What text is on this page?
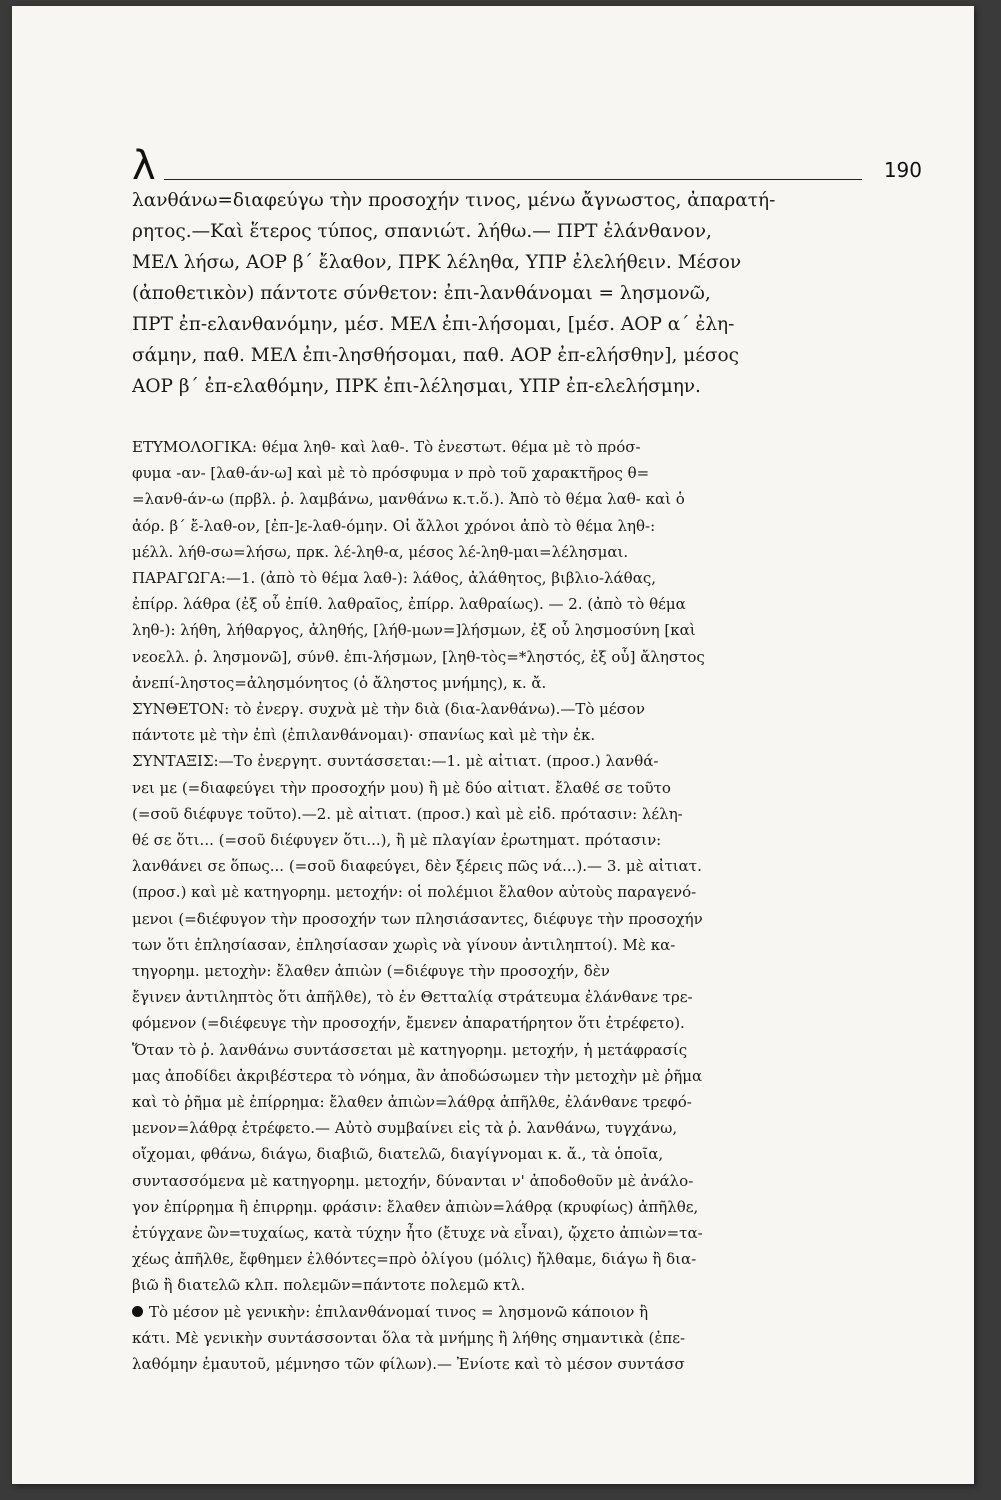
λ	190
λανθάνω=διαφεύγω τὴν προσοχήν τινος, μένω ἄγνωστος, ἀπαρατή-
ρητος.—Καὶ ἕτερος τύπος, σπανιώτ. λήθω.— ΠΡΤ ἐλάνθανον,
ΜΕΛ λήσω, ΑΟΡ β΄ ἔλαθον, ΠΡΚ λέληθα, ΥΠΡ ἐλελήθειν. Μέσον
(ἀποθετικὸν) πάντοτε σύνθετον: ἐπι-λανθάνομαι = λησμονῶ,
ΠΡΤ ἐπ-ελανθανόμην, μέσ. ΜΕΛ ἐπι-λήσομαι, [μέσ. ΑΟΡ α΄ ἐλη-
σάμην, παθ. ΜΕΛ ἐπι-λησθήσομαι, παθ. ΑΟΡ ἐπ-ελήσθην], μέσος
ΑΟΡ β΄ ἐπ-ελαθόμην, ΠΡΚ ἐπι-λέλησμαι, ΥΠΡ ἐπ-ελελήσμην.
ΕΤΥΜΟΛΟΓΙΚΑ: θέμα ληθ- καὶ λαθ-. Τὸ ἐνεστωτ. θέμα μὲ τὸ πρόσ-
φυμα -αν- [λαθ-άν-ω] καὶ μὲ τὸ πρόσφυμα ν πρὸ τοῦ χαρακτῆρος θ=
=λανθ-άν-ω (πρβλ. ῥ. λαμβάνω, μανθάνω κ.τ.ὅ.). Ἀπὸ τὸ θέμα λαθ- καὶ ὁ
ἀόρ. β΄ ἔ-λαθ-ον, [ἐπ-]ε-λαθ-όμην. Οἱ ἄλλοι χρόνοι ἀπὸ τὸ θέμα ληθ-:
μέλλ. λήθ-σω=λήσω, πρκ. λέ-ληθ-α, μέσος λέ-ληθ-μαι=λέλησμαι.
ΠΑΡΑΓΩΓΑ:—1. (ἀπὸ τὸ θέμα λαθ-): λάθος, ἀλάθητος, βιβλιο-λάθας,
ἐπίρρ. λάθρα (ἐξ οὗ ἐπίθ. λαθραῖος, ἐπίρρ. λαθραίως). — 2. (ἀπὸ τὸ θέμα
ληθ-): λήθη, λήθαργος, ἀληθής, [λήθ-μων=]λήσμων, ἐξ οὗ λησμοσύνη [καὶ
νεοελλ. ῥ. λησμονῶ], σύνθ. ἐπι-λήσμων, [ληθ-τὸς=*ληστός, ἐξ οὗ] ἄληστος
ἀνεπί-ληστος=ἀλησμόνητος (ὁ ἄληστος μνήμης), κ. ἄ.
ΣΥΝΘΕΤΟΝ: τὸ ἐνεργ. συχνὰ μὲ τὴν διὰ (δια-λανθάνω).—Τὸ μέσον
πάντοτε μὲ τὴν ἐπὶ (ἐπιλανθάνομαι)· σπανίως καὶ μὲ τὴν ἐκ.
ΣΥΝΤΑΞΙΣ:—Το ἐνεργητ. συντάσσεται:—1. μὲ αἰτιατ. (προσ.) λανθά-
νει με (=διαφεύγει τὴν προσοχήν μου) ἢ μὲ δύο αἰτιατ. ἔλαθέ σε τοῦτο
(=σοῦ διέφυγε τοῦτο).—2. μὲ αἰτιατ. (προσ.) καὶ μὲ εἰδ. πρότασιν: λέλη-
θέ σε ὅτι... (=σοῦ διέφυγεν ὅτι...), ἢ μὲ πλαγίαν ἐρωτηματ. πρότασιν:
λανθάνει σε ὅπως... (=σοῦ διαφεύγει, δὲν ξέρεις πῶς νά...).— 3. μὲ αἰτιατ.
(προσ.) καὶ μὲ κατηγορημ. μετοχήν: οἱ πολέμιοι ἔλαθον αὐτοὺς παραγενό-
μενοι (=διέφυγον τὴν προσοχήν των πλησιάσαντες, διέφυγε τὴν προσοχήν
των ὅτι ἐπλησίασαν, ἐπλησίασαν χωρὶς νὰ γίνουν ἀντιληπτοί). Μὲ κα-
τηγορημ. μετοχὴν: ἔλαθεν ἀπιὼν (=διέφυγε τὴν προσοχήν, δὲν
ἔγινεν ἀντιληπτὸς ὅτι ἀπῆλθε), τὸ ἐν Θετταλίᾳ στράτευμα ἐλάνθανε τρε-
φόμενον (=διέφευγε τὴν προσοχήν, ἔμενεν ἀπαρατήρητον ὅτι ἐτρέφετο).
Ὅταν τὸ ῥ. λανθάνω συντάσσεται μὲ κατηγορημ. μετοχήν, ἡ μετάφρασίς
μας ἀποδίδει ἀκριβέστερα τὸ νόημα, ἂν ἀποδώσωμεν τὴν μετοχὴν μὲ ῥῆμα
καὶ τὸ ῥῆμα μὲ ἐπίρρημα: ἔλαθεν ἀπιὼν=λάθρᾳ ἀπῆλθε, ἐλάνθανε τρεφό-
μενον=λάθρᾳ ἐτρέφετο.— Αὐτὸ συμβαίνει εἰς τὰ ῥ. λανθάνω, τυγχάνω,
οἴχομαι, φθάνω, διάγω, διαβιῶ, διατελῶ, διαγίγνομαι κ. ἄ., τὰ ὁποῖα,
συντασσόμενα μὲ κατηγορημ. μετοχήν, δύνανται ν' ἀποδοθοῦν μὲ ἀνάλο-
γον ἐπίρρημα ἢ ἐπιρρημ. φράσιν: ἔλαθεν ἀπιὼν=λάθρᾳ (κρυφίως) ἀπῆλθε,
ἐτύγχανε ὢν=τυχαίως, κατὰ τύχην ἦτο (ἔτυχε νὰ εἶναι), ᾤχετο ἀπιὼν=τα-
χέως ἀπῆλθε, ἔφθημεν ἐλθόντες=πρὸ ὀλίγου (μόλις) ἤλθαμε, διάγω ἢ δια-
βιῶ ἢ διατελῶ κλπ. πολεμῶν=πάντοτε πολεμῶ κτλ.
Τὸ μέσον μὲ γενικὴν: ἐπιλανθάνομαί τινος = λησμονῶ κάποιον ἢ
κάτι. Μὲ γενικὴν συντάσσονται ὅλα τὰ μνήμης ἢ λήθης σημαντικὰ (ἐπε-
λαθόμην ἐμαυτοῦ, μέμνησο τῶν φίλων).— Ἐνίοτε καὶ τὸ μέσον συντάσσ
